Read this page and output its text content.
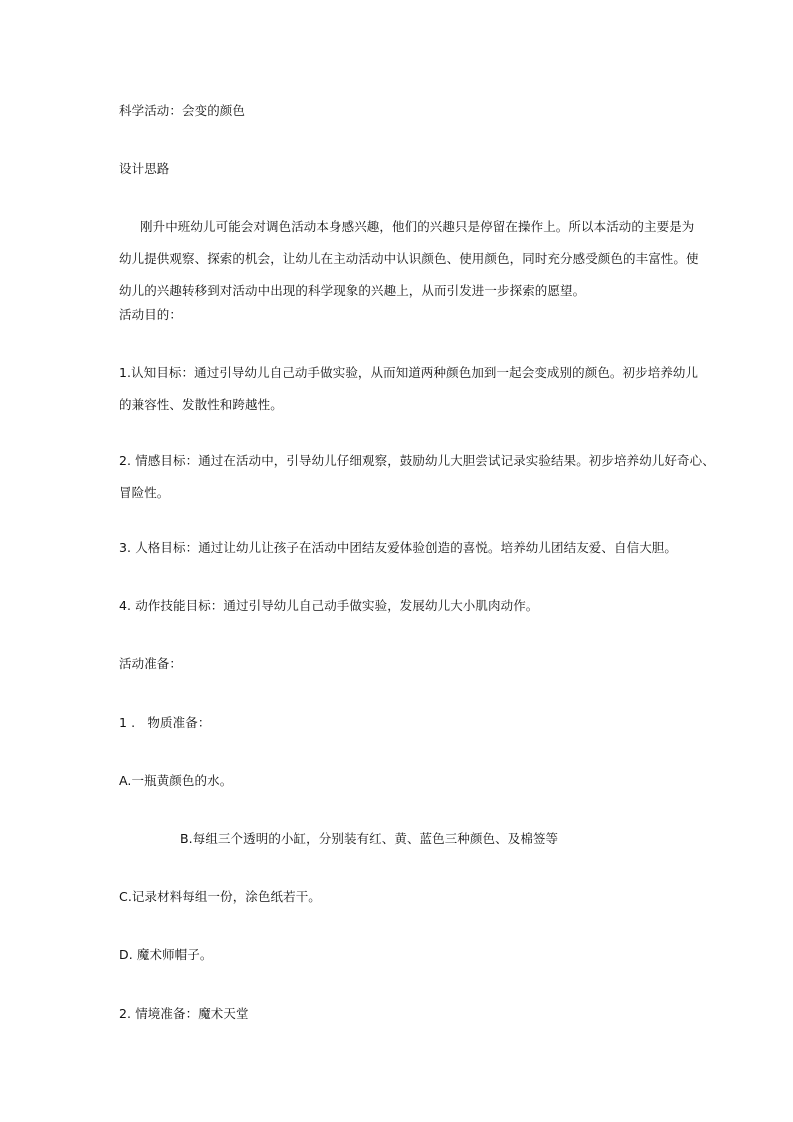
科学活动：会变的颜色

设计思路

刚升中班幼儿可能会对调色活动本身感兴趣，他们的兴趣只是停留在操作上。所以本活动的主要是为
幼儿提供观察、探索的机会，让幼儿在主动活动中认识颜色、使用颜色，同时充分感受颜色的丰富性。使
幼儿的兴趣转移到对活动中出现的科学现象的兴趣上，从而引发进一步探索的愿望。

活动目的：

1.认知目标：通过引导幼儿自己动手做实验，从而知道两种颜色加到一起会变成别的颜色。初步培养幼儿
的兼容性、发散性和跨越性。
2. 情感目标：通过在活动中，引导幼儿仔细观察，鼓励幼儿大胆尝试记录实验结果。初步培养幼儿好奇心、
冒险性。

3. 人格目标：通过让幼儿让孩子在活动中团结友爱体验创造的喜悦。培养幼儿团结友爱、自信大胆。

4. 动作技能目标：通过引导幼儿自己动手做实验，发展幼儿大小肌肉动作。

活动准备：

1 .   物质准备：

A.一瓶黄颜色的水。

B.每组三个透明的小缸，分别装有红、黄、蓝色三种颜色、及棉签等

C.记录材料每组一份，涂色纸若干。

D. 魔术师帽子。

2. 情境准备：魔术天堂
